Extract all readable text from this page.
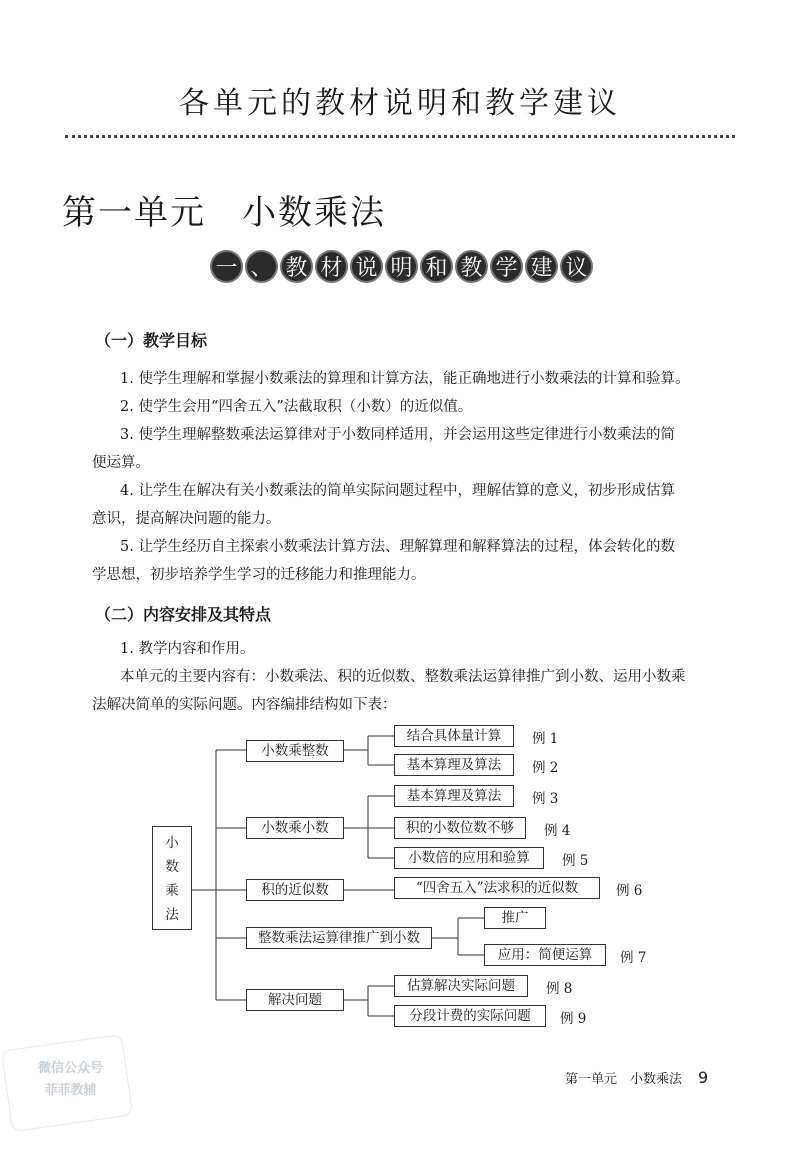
各单元的教材说明和教学建议
第一单元　小数乘法
一 、 教 材 说 明 和 教 学 建 议
（一）教学目标
1. 使学生理解和掌握小数乘法的算理和计算方法，能正确地进行小数乘法的计算和验算。
2. 使学生会用“四舍五入”法截取积（小数）的近似值。
3. 使学生理解整数乘法运算律对于小数同样适用，并会运用这些定律进行小数乘法的简
便运算。
4. 让学生在解决有关小数乘法的简单实际问题过程中，理解估算的意义，初步形成估算
意识，提高解决问题的能力。
5. 让学生经历自主探索小数乘法计算方法、理解算理和解释算法的过程，体会转化的数
学思想，初步培养学生学习的迁移能力和推理能力。
（二）内容安排及其特点
1. 教学内容和作用。
本单元的主要内容有：小数乘法、积的近似数、整数乘法运算律推广到小数、运用小数乘
法解决简单的实际问题。内容编排结构如下表：
小
数
乘
法
小数乘整数
结合具体量计算	例 1
基本算理及算法	例 2
小数乘小数
基本算理及算法	例 3
积的小数位数不够	例 4
小数倍的应用和验算	例 5
积的近似数	“四舍五入”法求积的近似数	例 6
整数乘法运算律推广到小数
推广
应用：简便运算	例 7
解决问题
估算解决实际问题	例 8
分段计费的实际问题	例 9
第一单元　小数乘法 9
微信公众号
菲菲教辅
